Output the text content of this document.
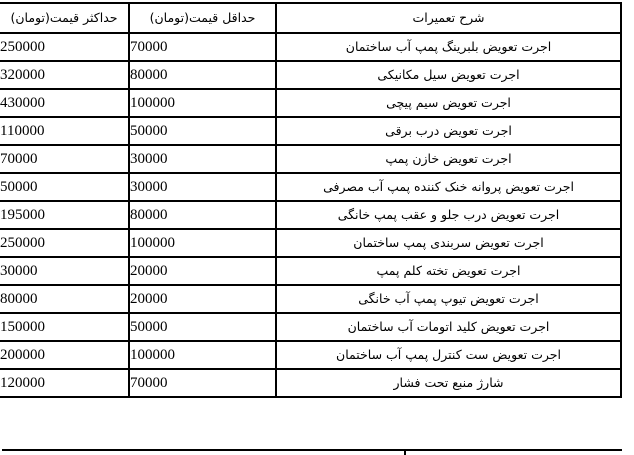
شرح تعمیرات	حداقل قیمت(تومان)	حداکثر قیمت(تومان)
اجرت تعویض بلبرینگ پمپ آب ساختمان	70000	250000
اجرت تعویض سیل مکانیکی	80000	320000
اجرت تعویض سیم پیچی	100000	430000
اجرت تعویض درب برقی	50000	110000
اجرت تعویض خازن پمپ	30000	70000
اجرت تعویض پروانه خنک کننده پمپ آب مصرفی	30000	50000
اجرت تعویض درب جلو و عقب پمپ خانگی	80000	195000
اجرت تعویض سربندی پمپ ساختمان	100000	250000
اجرت تعویض تخته کلم پمپ	20000	30000
اجرت تعویض تیوپ پمپ آب خانگی	20000	80000
اجرت تعویض کلید اتومات آب ساختمان	50000	150000
اجرت تعویض ست کنترل پمپ آب ساختمان	100000	200000
شارژ منبع تحت فشار	70000	120000
